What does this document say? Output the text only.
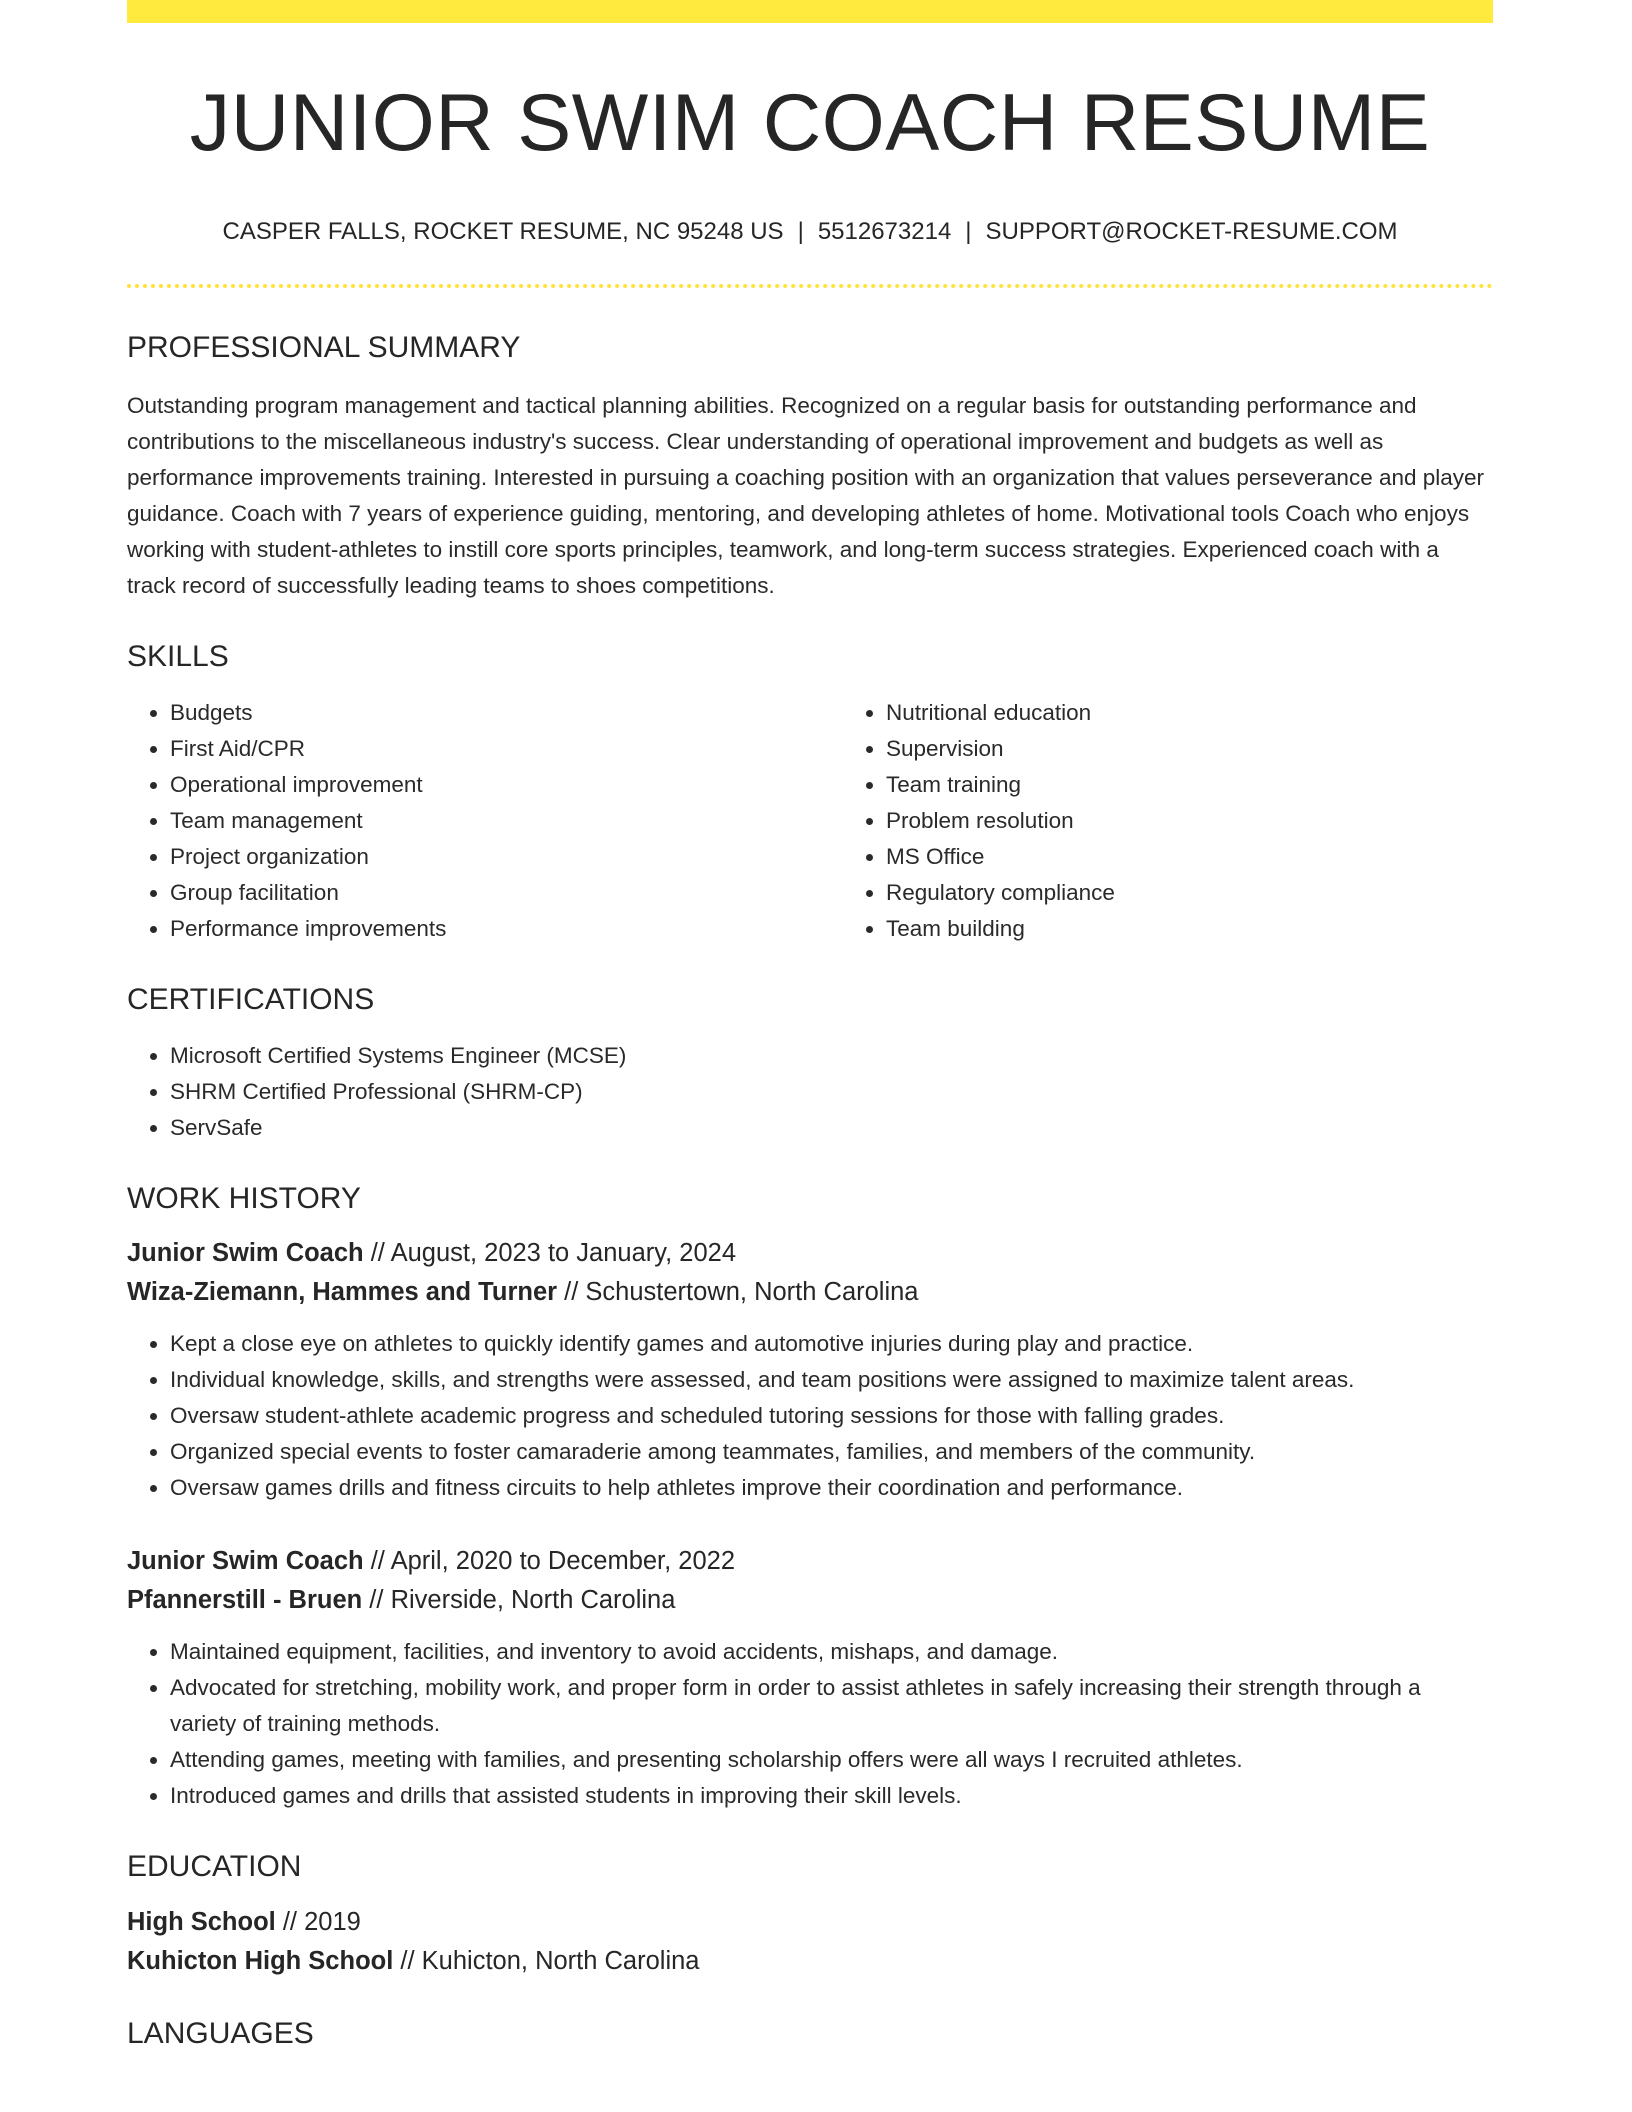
JUNIOR SWIM COACH RESUME
CASPER FALLS, ROCKET RESUME, NC 95248 US | 5512673214 | SUPPORT@ROCKET-RESUME.COM
PROFESSIONAL SUMMARY
Outstanding program management and tactical planning abilities. Recognized on a regular basis for outstanding performance and contributions to the miscellaneous industry's success. Clear understanding of operational improvement and budgets as well as performance improvements training. Interested in pursuing a coaching position with an organization that values perseverance and player guidance. Coach with 7 years of experience guiding, mentoring, and developing athletes of home. Motivational tools Coach who enjoys working with student-athletes to instill core sports principles, teamwork, and long-term success strategies. Experienced coach with a track record of successfully leading teams to shoes competitions.
SKILLS
• Budgets
• First Aid/CPR
• Operational improvement
• Team management
• Project organization
• Group facilitation
• Performance improvements
• Nutritional education
• Supervision
• Team training
• Problem resolution
• MS Office
• Regulatory compliance
• Team building
CERTIFICATIONS
• Microsoft Certified Systems Engineer (MCSE)
• SHRM Certified Professional (SHRM-CP)
• ServSafe
WORK HISTORY
Junior Swim Coach // August, 2023 to January, 2024
Wiza-Ziemann, Hammes and Turner // Schustertown, North Carolina
• Kept a close eye on athletes to quickly identify games and automotive injuries during play and practice.
• Individual knowledge, skills, and strengths were assessed, and team positions were assigned to maximize talent areas.
• Oversaw student-athlete academic progress and scheduled tutoring sessions for those with falling grades.
• Organized special events to foster camaraderie among teammates, families, and members of the community.
• Oversaw games drills and fitness circuits to help athletes improve their coordination and performance.
Junior Swim Coach // April, 2020 to December, 2022
Pfannerstill - Bruen // Riverside, North Carolina
• Maintained equipment, facilities, and inventory to avoid accidents, mishaps, and damage.
• Advocated for stretching, mobility work, and proper form in order to assist athletes in safely increasing their strength through a variety of training methods.
• Attending games, meeting with families, and presenting scholarship offers were all ways I recruited athletes.
• Introduced games and drills that assisted students in improving their skill levels.
EDUCATION
High School // 2019
Kuhicton High School // Kuhicton, North Carolina
LANGUAGES
